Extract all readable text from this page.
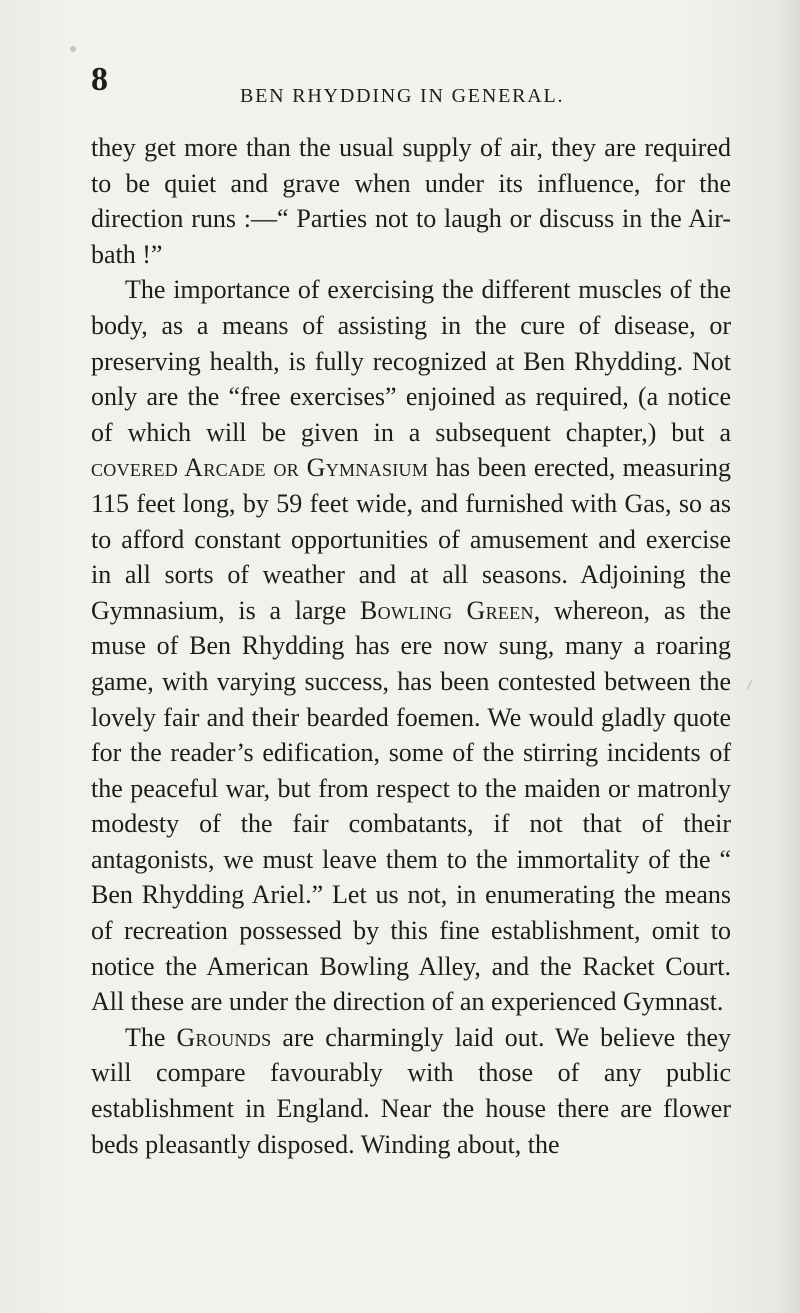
8	BEN RHYDDING IN GENERAL.

they get more than the usual supply of air, they are required to be quiet and grave when under its influence, for the direction runs :—“ Parties not to laugh or discuss in the Air-bath !”

The importance of exercising the different muscles of the body, as a means of assisting in the cure of disease, or preserving health, is fully recognized at Ben Rhydding. Not only are the “free exercises” enjoined as required, (a notice of which will be given in a subsequent chapter,) but a covered Arcade or Gymnasium has been erected, measuring 115 feet long, by 59 feet wide, and furnished with Gas, so as to afford constant opportunities of amusement and exercise in all sorts of weather and at all seasons. Adjoining the Gymnasium, is a large Bowling Green, whereon, as the muse of Ben Rhydding has ere now sung, many a roaring game, with varying success, has been contested between the lovely fair and their bearded foemen. We would gladly quote for the reader’s edification, some of the stirring incidents of the peaceful war, but from respect to the maiden or matronly modesty of the fair combatants, if not that of their antagonists, we must leave them to the immortality of the “ Ben Rhydding Ariel.” Let us not, in enumerating the means of recreation possessed by this fine establishment, omit to notice the American Bowling Alley, and the Racket Court. All these are under the direction of an experienced Gymnast.

The Grounds are charmingly laid out. We believe they will compare favourably with those of any public establishment in England. Near the house there are flower beds pleasantly disposed. Winding about, the
